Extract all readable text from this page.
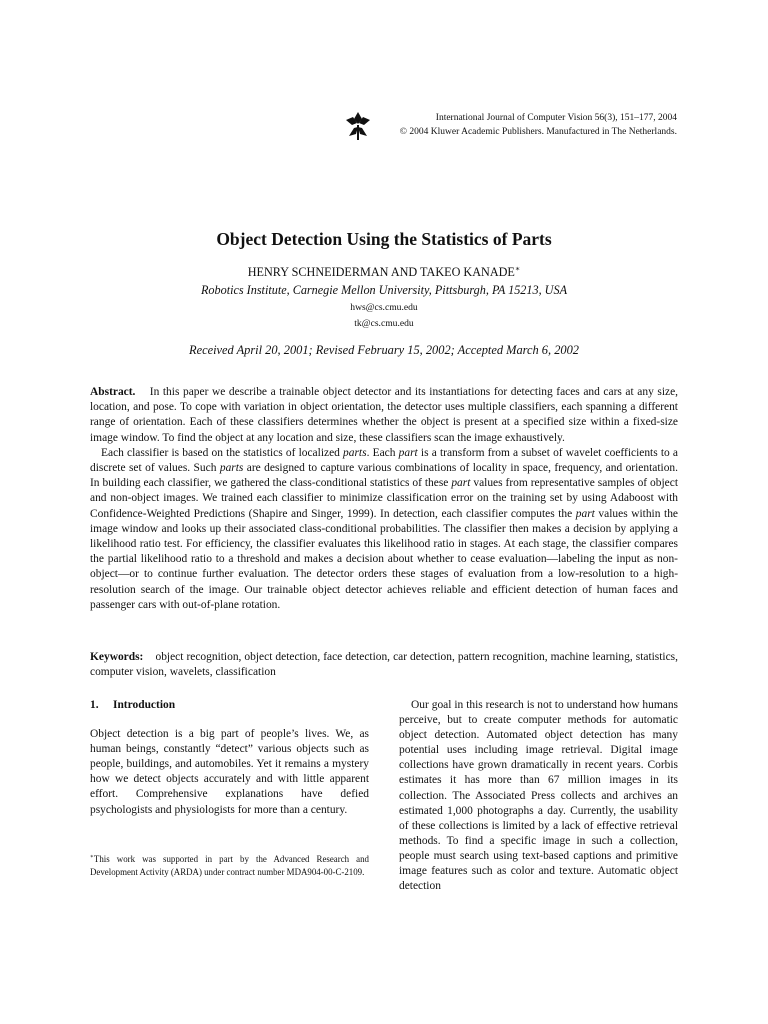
International Journal of Computer Vision 56(3), 151–177, 2004
© 2004 Kluwer Academic Publishers. Manufactured in The Netherlands.
Object Detection Using the Statistics of Parts
HENRY SCHNEIDERMAN AND TAKEO KANADE∗
Robotics Institute, Carnegie Mellon University, Pittsburgh, PA 15213, USA
hws@cs.cmu.edu
tk@cs.cmu.edu
Received April 20, 2001; Revised February 15, 2002; Accepted March 6, 2002

Abstract. In this paper we describe a trainable object detector and its instantiations for detecting faces and cars at any size, location, and pose. To cope with variation in object orientation, the detector uses multiple classifiers, each spanning a different range of orientation. Each of these classifiers determines whether the object is present at a specified size within a fixed-size image window. To find the object at any location and size, these classifiers scan the image exhaustively.

Each classifier is based on the statistics of localized parts. Each part is a transform from a subset of wavelet coefficients to a discrete set of values. Such parts are designed to capture various combinations of locality in space, frequency, and orientation. In building each classifier, we gathered the class-conditional statistics of these part values from representative samples of object and non-object images. We trained each classifier to minimize classification error on the training set by using Adaboost with Confidence-Weighted Predictions (Shapire and Singer, 1999). In detection, each classifier computes the part values within the image window and looks up their associated class-conditional probabilities. The classifier then makes a decision by applying a likelihood ratio test. For efficiency, the classifier evaluates this likelihood ratio in stages. At each stage, the classifier compares the partial likelihood ratio to a threshold and makes a decision about whether to cease evaluation—labeling the input as non-object—or to continue further evaluation. The detector orders these stages of evaluation from a low-resolution to a high-resolution search of the image. Our trainable object detector achieves reliable and efficient detection of human faces and passenger cars with out-of-plane rotation.

Keywords: object recognition, object detection, face detection, car detection, pattern recognition, machine learning, statistics, computer vision, wavelets, classification
1. Introduction

Object detection is a big part of people’s lives. We, as human beings, constantly “detect” various objects such as people, buildings, and automobiles. Yet it remains a mystery how we detect objects accurately and with little apparent effort. Comprehensive explanations have defied psychologists and physiologists for more than a century.

∗This work was supported in part by the Advanced Research and Development Activity (ARDA) under contract number MDA904-00-C-2109.

Our goal in this research is not to understand how humans perceive, but to create computer methods for automatic object detection. Automated object detection has many potential uses including image retrieval. Digital image collections have grown dramatically in recent years. Corbis estimates it has more than 67 million images in its collection. The Associated Press collects and archives an estimated 1,000 photographs a day. Currently, the usability of these collections is limited by a lack of effective retrieval methods. To find a specific image in such a collection, people must search using text-based captions and primitive image features such as color and texture. Automatic object detection
